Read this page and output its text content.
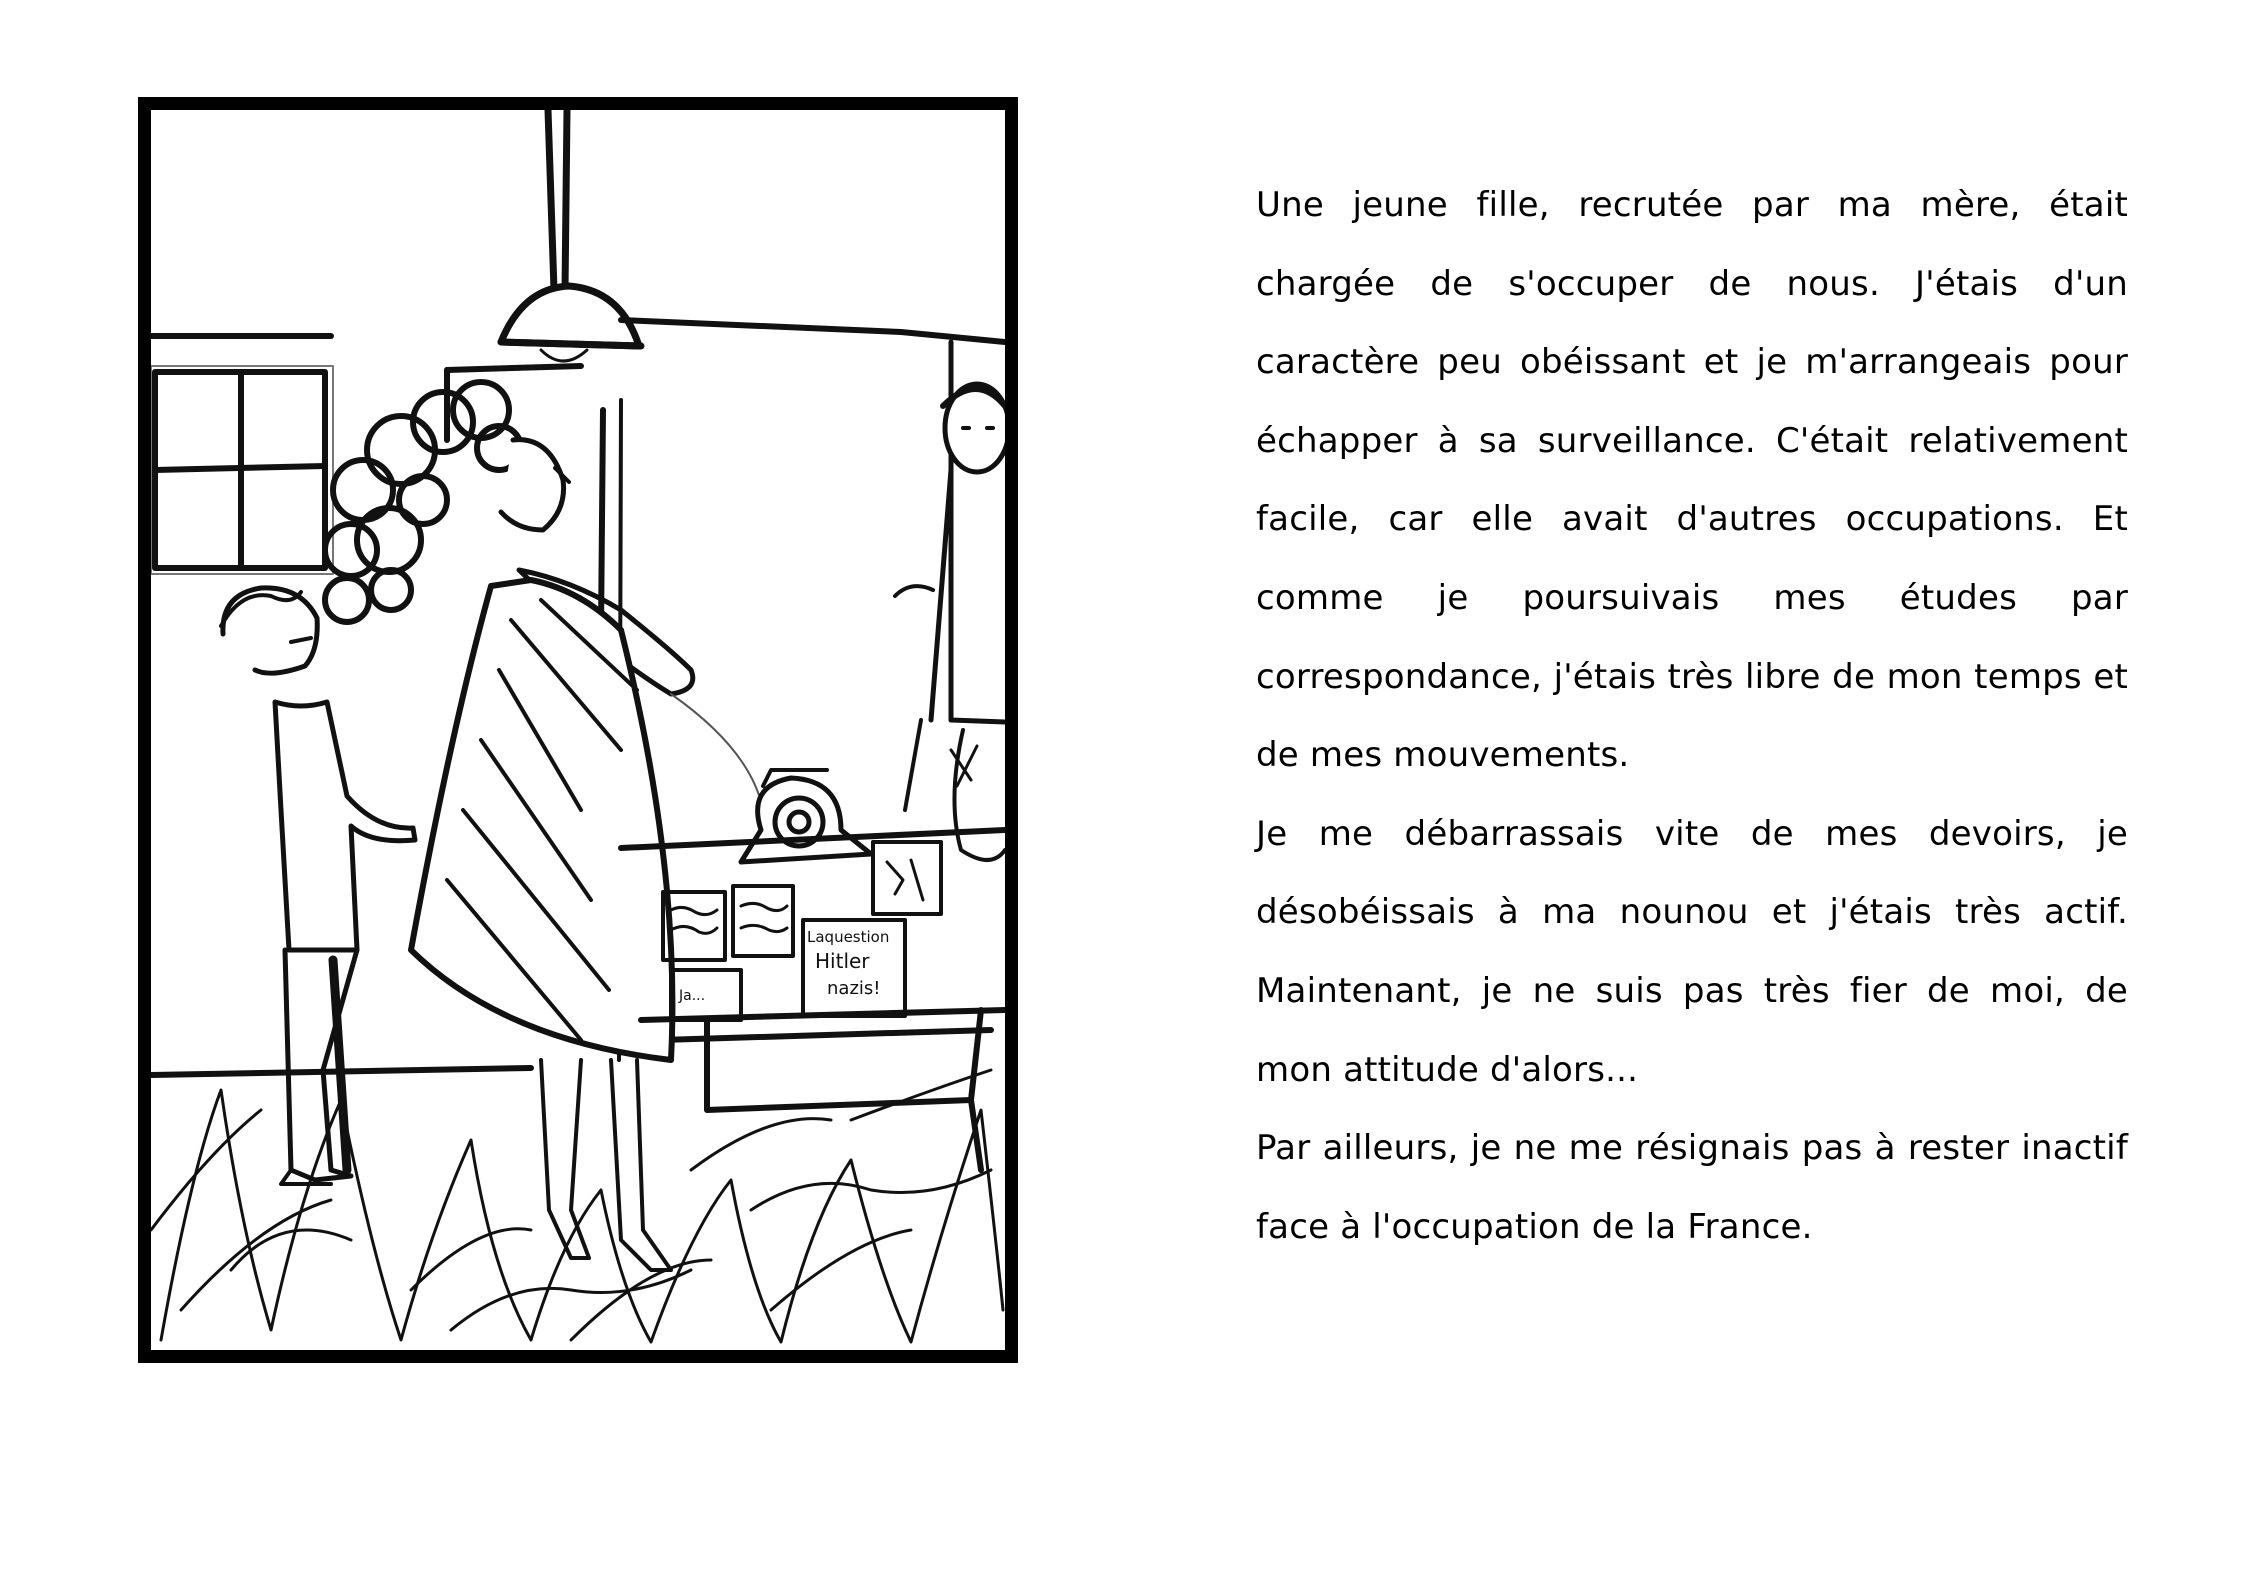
Ja...
Laquestion
Hitler
nazis!

Une jeune fille, recrutée par ma mère, était chargée de s'occuper de nous. J'étais d'un caractère peu obéissant et je m'arrangeais pour échapper à sa surveillance. C'était relativement facile, car elle avait d'autres occupations. Et comme je poursuivais mes études par correspondance, j'étais très libre de mon temps et de mes mouvements.

Je me débarrassais vite de mes devoirs, je désobéissais à ma nounou et j'étais très actif. Maintenant, je ne suis pas très fier de moi, de mon attitude d'alors...

Par ailleurs, je ne me résignais pas à rester inactif face à l'occupation de la France.
